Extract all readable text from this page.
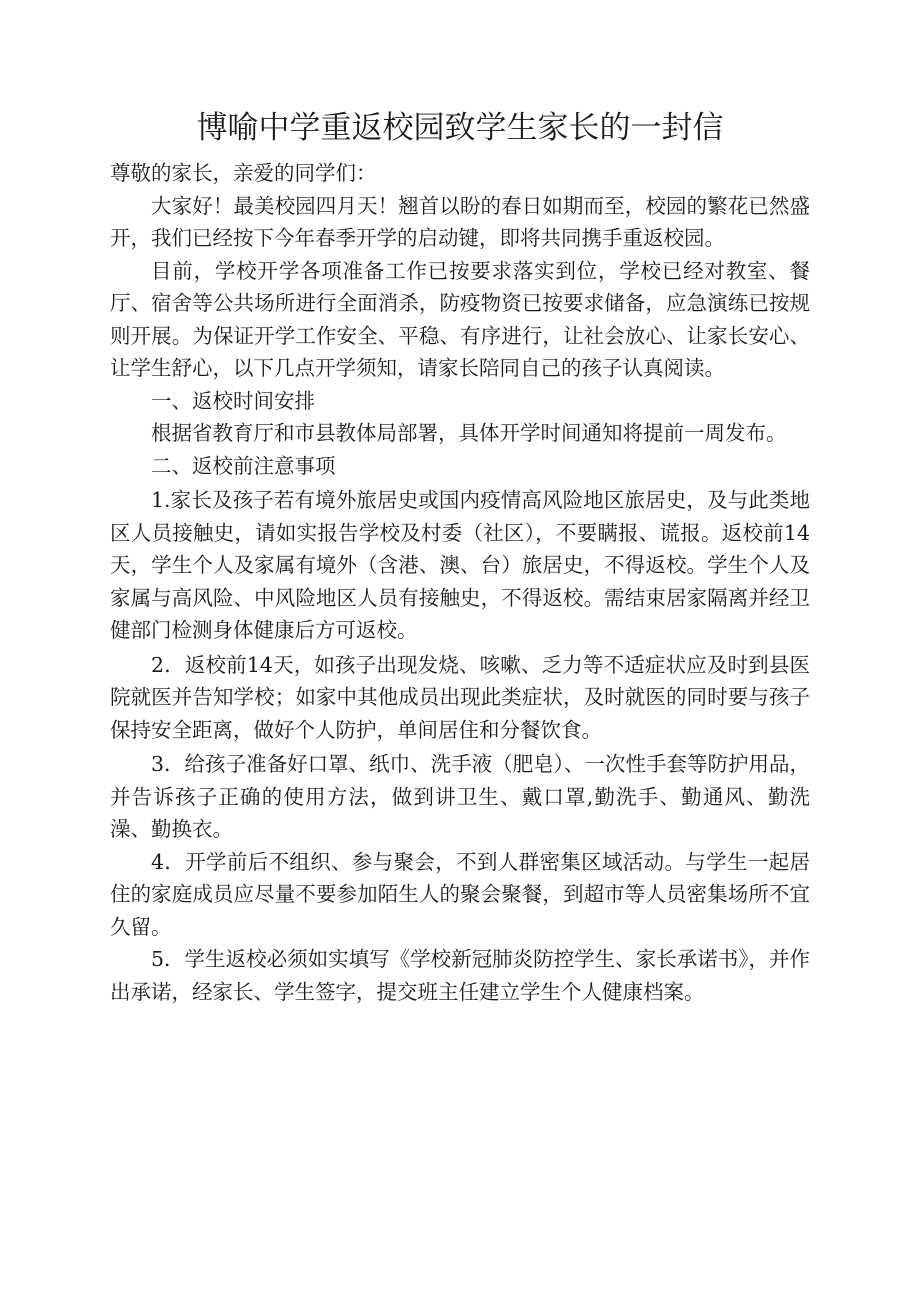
博喻中学重返校园致学生家长的一封信

尊敬的家长，亲爱的同学们：

大家好！最美校园四月天！翘首以盼的春日如期而至，校园的繁花已然盛开，我们已经按下今年春季开学的启动键，即将共同携手重返校园。

目前，学校开学各项准备工作已按要求落实到位，学校已经对教室、餐厅、宿舍等公共场所进行全面消杀，防疫物资已按要求储备，应急演练已按规则开展。为保证开学工作安全、平稳、有序进行，让社会放心、让家长安心、让学生舒心，以下几点开学须知，请家长陪同自己的孩子认真阅读。

一、返校时间安排

根据省教育厅和市县教体局部署，具体开学时间通知将提前一周发布。

二、返校前注意事项

1.家长及孩子若有境外旅居史或国内疫情高风险地区旅居史，及与此类地区人员接触史，请如实报告学校及村委（社区），不要瞒报、谎报。返校前14天，学生个人及家属有境外（含港、澳、台）旅居史，不得返校。学生个人及家属与高风险、中风险地区人员有接触史，不得返校。需结束居家隔离并经卫健部门检测身体健康后方可返校。

2．返校前14天，如孩子出现发烧、咳嗽、乏力等不适症状应及时到县医院就医并告知学校；如家中其他成员出现此类症状，及时就医的同时要与孩子保持安全距离，做好个人防护，单间居住和分餐饮食。

3．给孩子准备好口罩、纸巾、洗手液（肥皂）、一次性手套等防护用品，并告诉孩子正确的使用方法，做到讲卫生、戴口罩,勤洗手、勤通风、勤洗澡、勤换衣。

4．开学前后不组织、参与聚会，不到人群密集区域活动。与学生一起居住的家庭成员应尽量不要参加陌生人的聚会聚餐，到超市等人员密集场所不宜久留。

5．学生返校必须如实填写《学校新冠肺炎防控学生、家长承诺书》，并作出承诺，经家长、学生签字，提交班主任建立学生个人健康档案。
